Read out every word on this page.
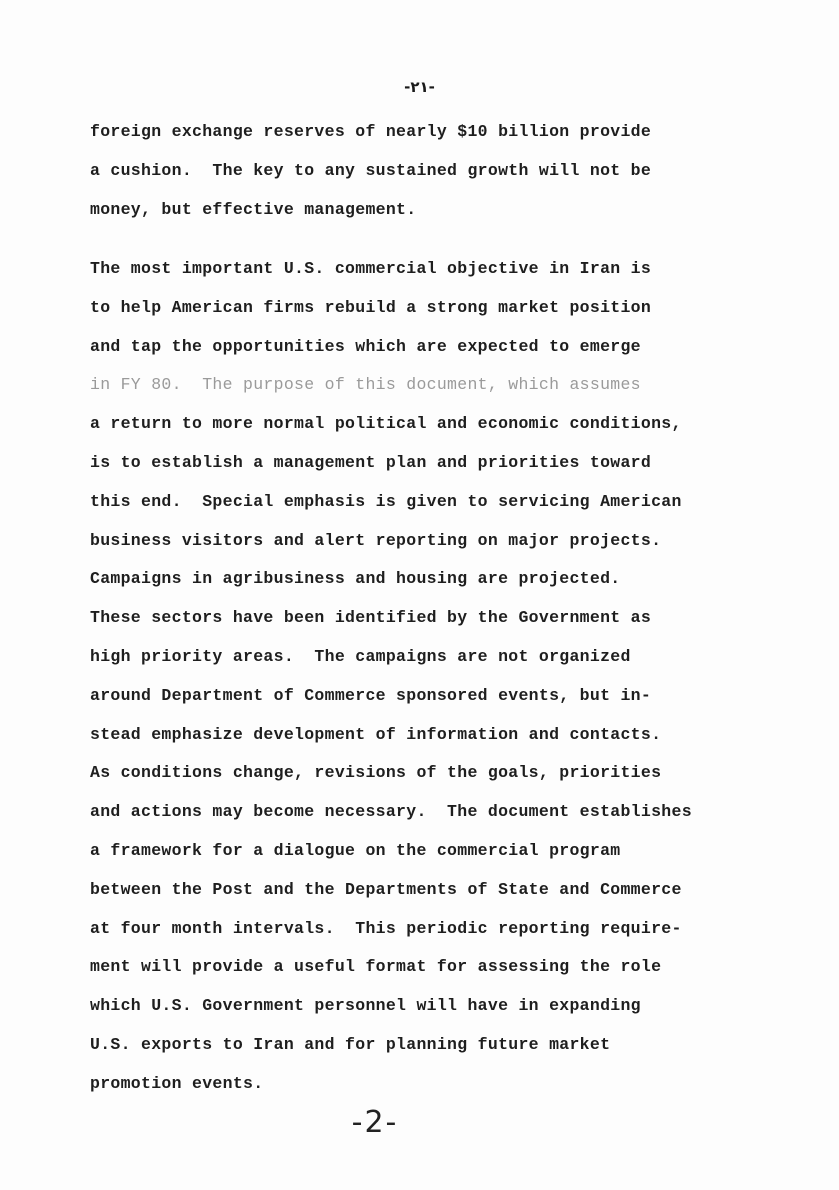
-٢١-
foreign exchange reserves of nearly $10 billion provide
a cushion.  The key to any sustained growth will not be
money, but effective management.
The most important U.S. commercial objective in Iran is
to help American firms rebuild a strong market position
and tap the opportunities which are expected to emerge
in FY 80.  The purpose of this document, which assumes
a return to more normal political and economic conditions,
is to establish a management plan and priorities toward
this end.  Special emphasis is given to servicing American
business visitors and alert reporting on major projects.
Campaigns in agribusiness and housing are projected.
These sectors have been identified by the Government as
high priority areas.  The campaigns are not organized
around Department of Commerce sponsored events, but in-
stead emphasize development of information and contacts.
As conditions change, revisions of the goals, priorities
and actions may become necessary.  The document establishes
a framework for a dialogue on the commercial program
between the Post and the Departments of State and Commerce
at four month intervals.  This periodic reporting require-
ment will provide a useful format for assessing the role
which U.S. Government personnel will have in expanding
U.S. exports to Iran and for planning future market
promotion events.
-2-
